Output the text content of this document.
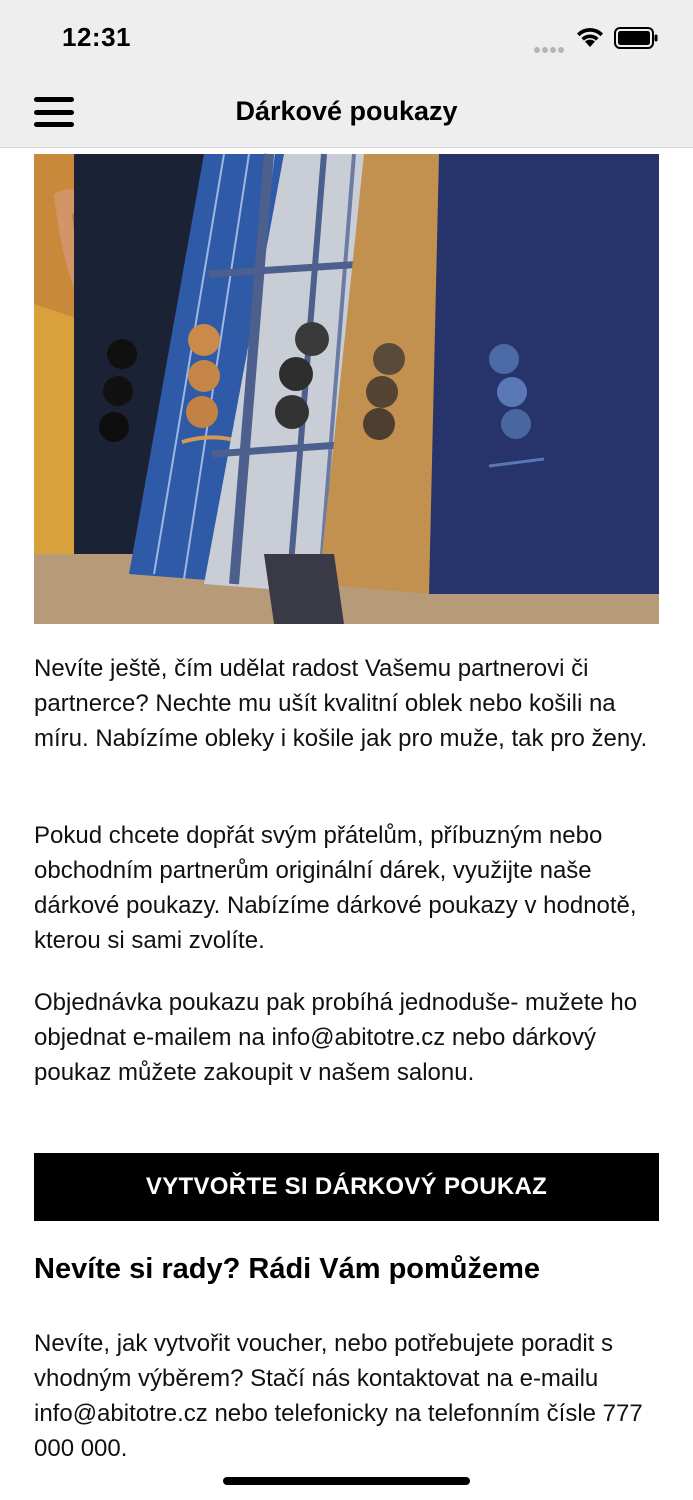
12:31
Dárkové poukazy

Nevíte ještě, čím udělat radost Vašemu partnerovi či partnerce? Nechte mu ušít kvalitní oblek nebo košili na míru. Nabízíme obleky i košile jak pro muže, tak pro ženy.

Pokud chcete dopřát svým přátelům, příbuzným nebo obchodním partnerům originální dárek, využijte naše dárkové poukazy. Nabízíme dárkové poukazy v hodnotě, kterou si sami zvolíte.

Objednávka poukazu pak probíhá jednoduše- mužete ho objednat e-mailem na info@abitotre.cz nebo dárkový poukaz můžete zakoupit v našem salonu.

VYTVOŘTE SI DÁRKOVÝ POUKAZ
Nevíte si rady? Rádi Vám pomůžeme

Nevíte, jak vytvořit voucher, nebo potřebujete poradit s vhodným výběrem? Stačí nás kontaktovat na e-mailu info@abitotre.cz nebo telefonicky na telefonním čísle 777 000 000.
